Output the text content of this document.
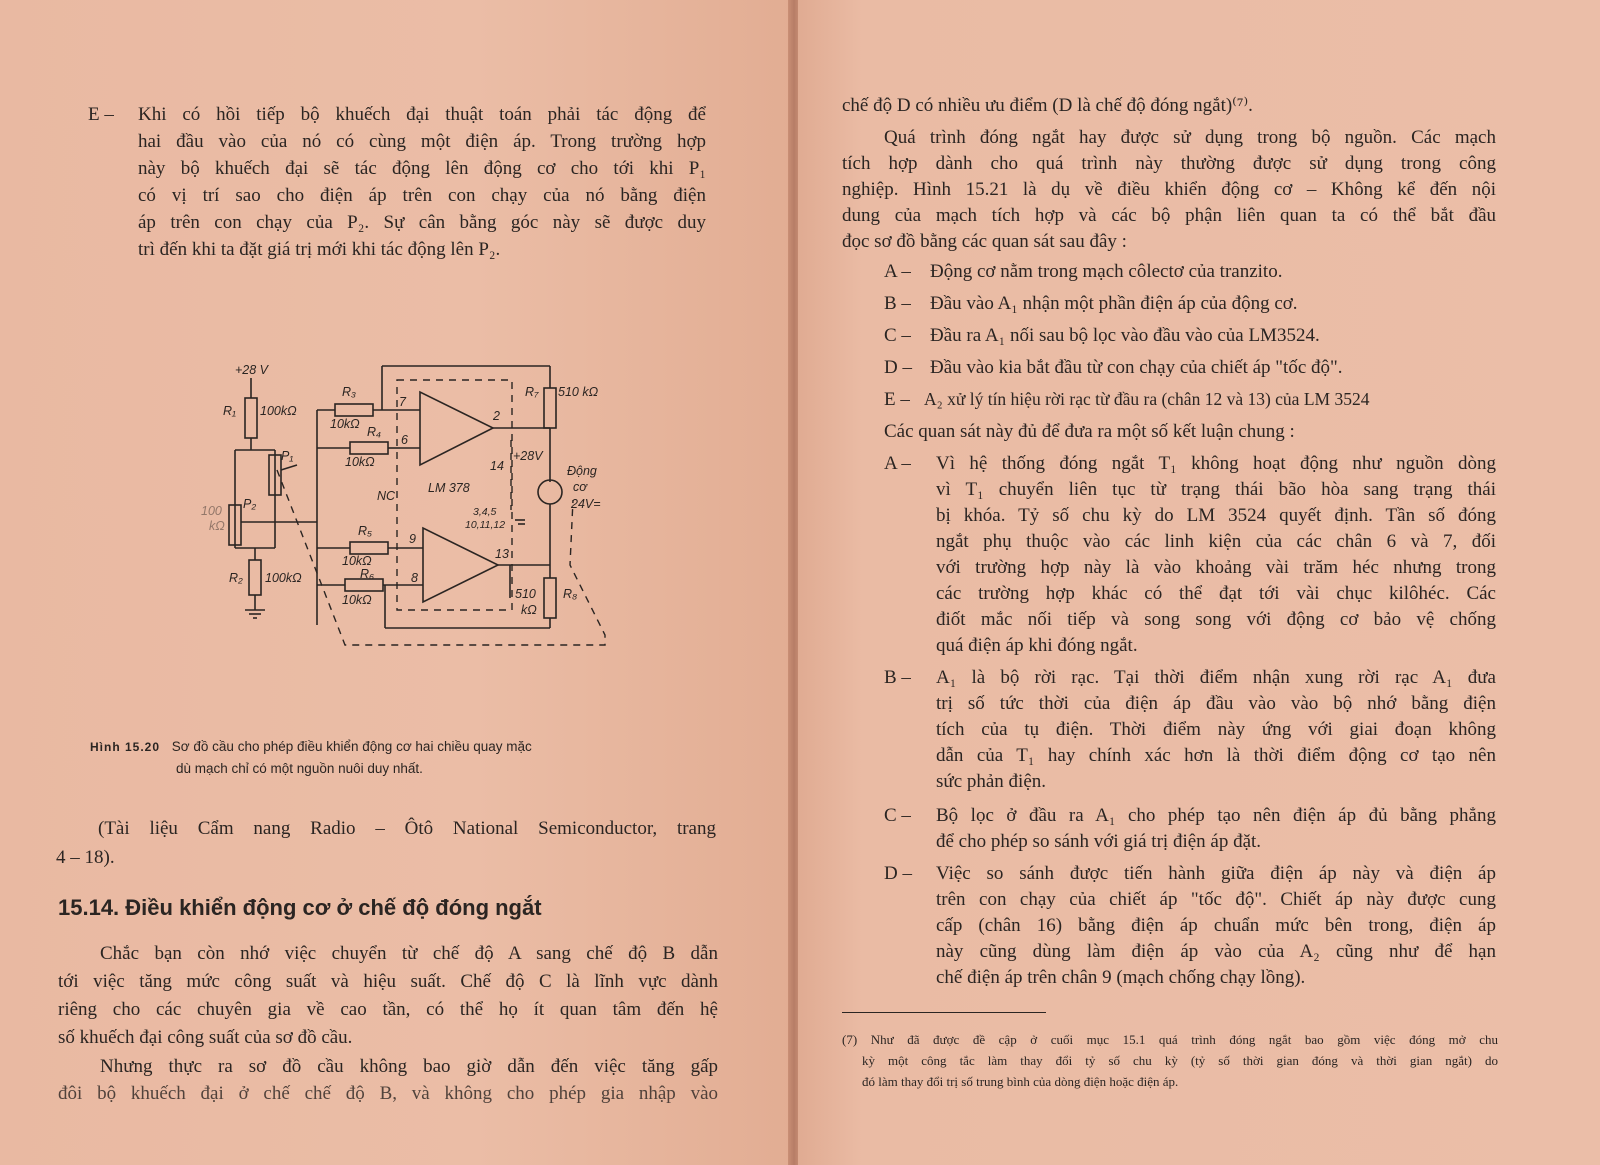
E – Khi có hồi tiếp bộ khuếch đại thuật toán phải tác động để

hai đầu vào của nó có cùng một điện áp. Trong trường hợp

này bộ khuếch đại sẽ tác động lên động cơ cho tới khi P₁

có vị trí sao cho điện áp trên con chạy của nó bằng điện

áp trên con chạy của P₂. Sự cân bằng góc này sẽ được duy

trì đến khi ta đặt giá trị mới khi tác động lên P₂.

+28 V
R₁ 100kΩ
P₁
P₂
100
kΩ
R₂ 100kΩ
R₃
10kΩ
R₄
10kΩ
R₅
10kΩ
R₆
10kΩ
R₇ 510 kΩ
R₈
510
kΩ
LM 378
NC
7
6
2
14
9
8
13
3,4,5
10,11,12
+28V
Động
cơ
24V=
Hình 15.20 Sơ đồ cầu cho phép điều khiển động cơ hai chiều quay mặc
dù mạch chỉ có một nguồn nuôi duy nhất.

(Tài liệu Cẩm nang Radio – Ôtô National Semiconductor, trang

4 – 18).

15.14. Điều khiển động cơ ở chế độ đóng ngắt

Chắc bạn còn nhớ việc chuyển từ chế độ A sang chế độ B dẫn

tới việc tăng mức công suất và hiệu suất. Chế độ C là lĩnh vực dành

riêng cho các chuyên gia về cao tần, có thể họ ít quan tâm đến hệ

số khuếch đại công suất của sơ đồ cầu.

Nhưng thực ra sơ đồ cầu không bao giờ dẫn đến việc tăng gấp

đôi bộ khuếch đại ở chế chế độ B, và không cho phép gia nhập vào

chế độ D có nhiều ưu điểm (D là chế độ đóng ngắt)⁽⁷⁾.

Quá trình đóng ngắt hay được sử dụng trong bộ nguồn. Các mạch

tích hợp dành cho quá trình này thường được sử dụng trong công

nghiệp. Hình 15.21 là dụ về điều khiển động cơ – Không kể đến nội

dung của mạch tích hợp và các bộ phận liên quan ta có thể bắt đầu

đọc sơ đồ bằng các quan sát sau đây :

A – Động cơ nằm trong mạch côlectơ của tranzito.

B – Đầu vào A₁ nhận một phần điện áp của động cơ.

C – Đầu ra A₁ nối sau bộ lọc vào đầu vào của LM3524.

D – Đầu vào kia bắt đầu từ con chạy của chiết áp "tốc độ".

E – A₂ xử lý tín hiệu rời rạc từ đầu ra (chân 12 và 13) của LM 3524

Các quan sát này đủ để đưa ra một số kết luận chung :

A – Vì hệ thống đóng ngắt T₁ không hoạt động như nguồn dòng

vì T₁ chuyển liên tục từ trạng thái bão hòa sang trạng thái

bị khóa. Tỷ số chu kỳ do LM 3524 quyết định. Tần số đóng

ngắt phụ thuộc vào các linh kiện của các chân 6 và 7, đối

với trường hợp này là vào khoảng vài trăm héc nhưng trong

các trường hợp khác có thể đạt tới vài chục kilôhéc. Các

điốt mắc nối tiếp và song song với động cơ bảo vệ chống

quá điện áp khi đóng ngắt.

B – A₁ là bộ rời rạc. Tại thời điểm nhận xung rời rạc A₁ đưa

trị số tức thời của điện áp đầu vào vào bộ nhớ bằng điện

tích của tụ điện. Thời điểm này ứng với giai đoạn không

dẫn của T₁ hay chính xác hơn là thời điểm động cơ tạo nên

sức phản điện.

C – Bộ lọc ở đầu ra A₁ cho phép tạo nên điện áp đủ bằng phẳng

để cho phép so sánh với giá trị điện áp đặt.

D – Việc so sánh được tiến hành giữa điện áp này và điện áp

trên con chạy của chiết áp "tốc độ". Chiết áp này được cung

cấp (chân 16) bằng điện áp chuẩn mức bên trong, điện áp

này cũng dùng làm điện áp vào của A₂ cũng như để hạn

chế điện áp trên chân 9 (mạch chống chạy lồng).

(7) Như đã được đề cập ở cuối mục 15.1 quá trình đóng ngắt bao gồm việc đóng mở chu

kỳ một công tắc làm thay đổi tỷ số chu kỳ (tỷ số thời gian đóng và thời gian ngắt) do

đó làm thay đổi trị số trung bình của dòng điện hoặc điện áp.
